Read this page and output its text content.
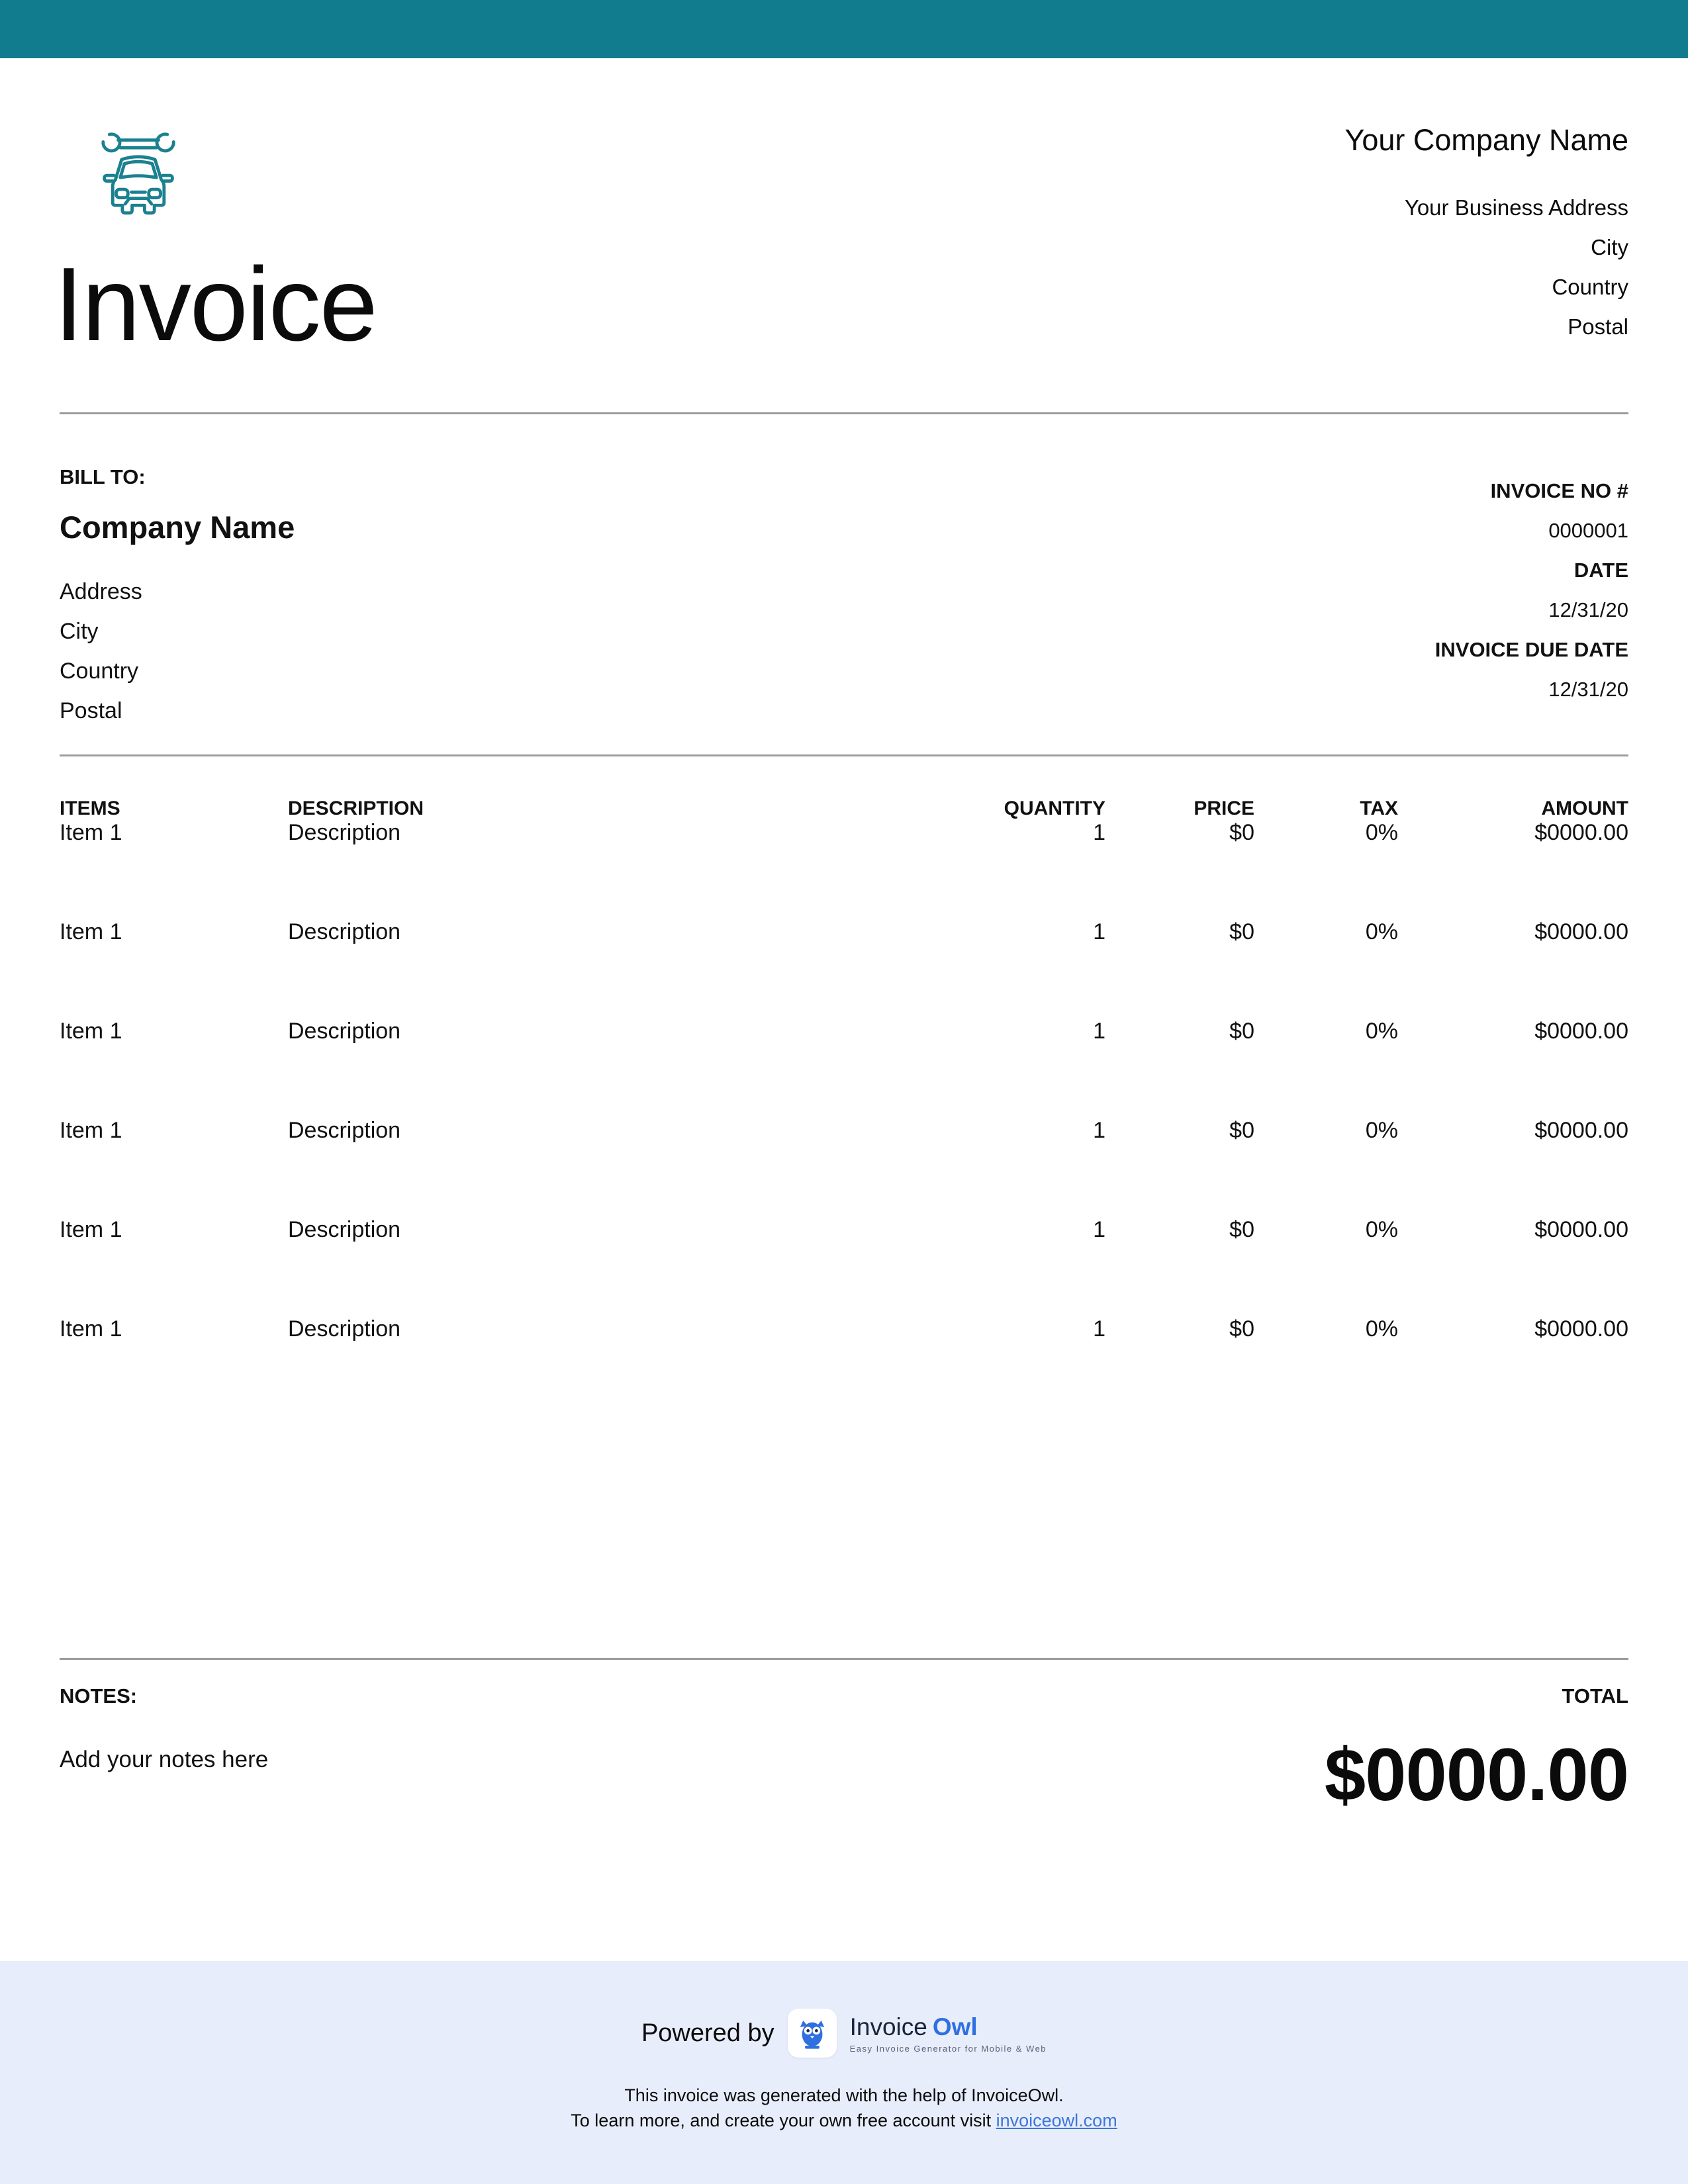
Invoice
Your Company Name
Your Business Address
City
Country
Postal
BILL TO:
Company Name
Address
City
Country
Postal
INVOICE NO #
0000001
DATE
12/31/20
INVOICE DUE DATE
12/31/20
ITEMS	DESCRIPTION	QUANTITY	PRICE	TAX	AMOUNT
Item 1	Description	1	$0	0%	$0000.00
Item 1	Description	1	$0	0%	$0000.00
Item 1	Description	1	$0	0%	$0000.00
Item 1	Description	1	$0	0%	$0000.00
Item 1	Description	1	$0	0%	$0000.00
Item 1	Description	1	$0	0%	$0000.00
NOTES:
Add your notes here
TOTAL
$0000.00
Powered by	Invoice Owl
Easy Invoice Generator for Mobile & Web
This invoice was generated with the help of InvoiceOwl.
To learn more, and create your own free account visit invoiceowl.com
